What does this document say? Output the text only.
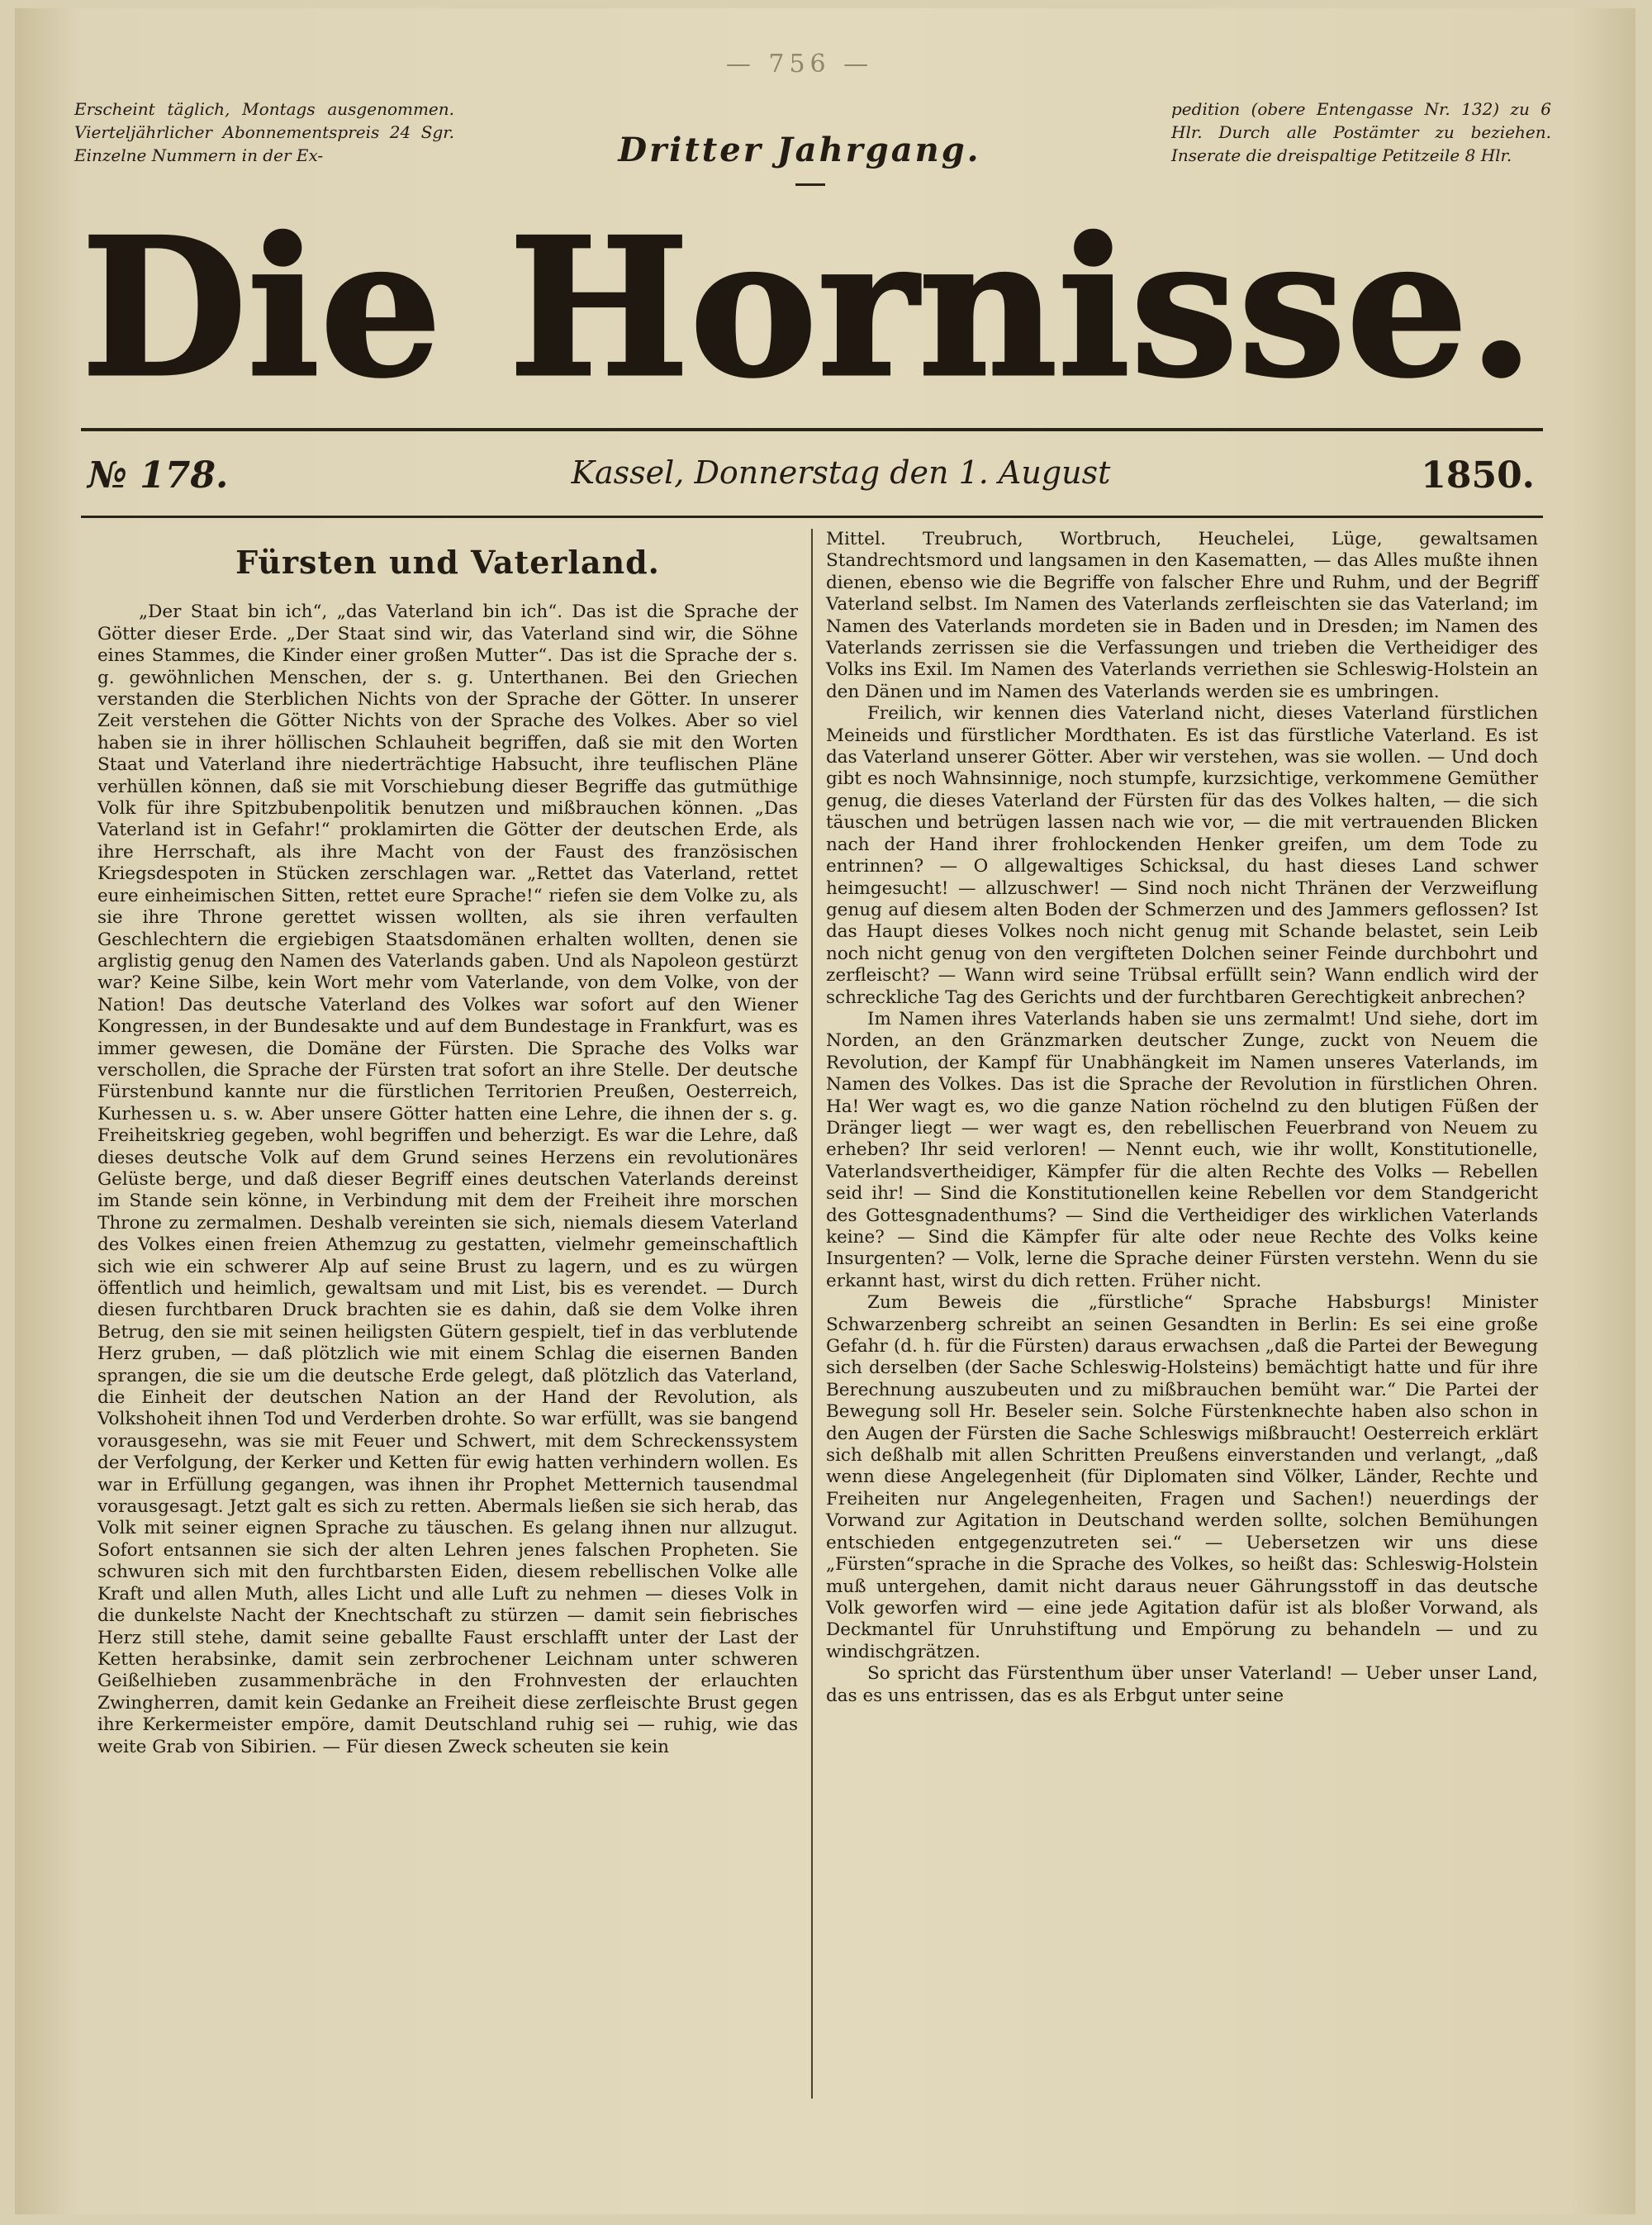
— 756 —
Erscheint täglich, Montags ausgenommen. Vierteljährlicher Abonnementspreis 24 Sgr. Einzelne Nummern in der Ex-
pedition (obere Entengasse Nr. 132) zu 6 Hlr. Durch alle Postämter zu beziehen. Inserate die dreispaltige Petitzeile 8 Hlr.
Dritter Jahrgang.
Die Hornisse.
№ 178.	Kassel, Donnerstag den 1. August	1850.
Fürsten und Vaterland.

„Der Staat bin ich“, „das Vaterland bin ich“. Das ist die Sprache der Götter dieser Erde. „Der Staat sind wir, das Vaterland sind wir, die Söhne eines Stammes, die Kinder einer großen Mutter“. Das ist die Sprache der s. g. gewöhnlichen Menschen, der s. g. Unterthanen. Bei den Griechen verstanden die Sterblichen Nichts von der Sprache der Götter. In unserer Zeit verstehen die Götter Nichts von der Sprache des Volkes. Aber so viel haben sie in ihrer höllischen Schlauheit begriffen, daß sie mit den Worten Staat und Vaterland ihre niederträchtige Habsucht, ihre teuflischen Pläne verhüllen können, daß sie mit Vorschiebung dieser Begriffe das gutmüthige Volk für ihre Spitzbubenpolitik benutzen und mißbrauchen können. „Das Vaterland ist in Gefahr!“ proklamirten die Götter der deutschen Erde, als ihre Herrschaft, als ihre Macht von der Faust des französischen Kriegsdespoten in Stücken zerschlagen war. „Rettet das Vaterland, rettet eure einheimischen Sitten, rettet eure Sprache!“ riefen sie dem Volke zu, als sie ihre Throne gerettet wissen wollten, als sie ihren verfaulten Geschlechtern die ergiebigen Staatsdomänen erhalten wollten, denen sie arglistig genug den Namen des Vaterlands gaben. Und als Napoleon gestürzt war? Keine Silbe, kein Wort mehr vom Vaterlande, von dem Volke, von der Nation! Das deutsche Vaterland des Volkes war sofort auf den Wiener Kongressen, in der Bundesakte und auf dem Bundestage in Frankfurt, was es immer gewesen, die Domäne der Fürsten. Die Sprache des Volks war verschollen, die Sprache der Fürsten trat sofort an ihre Stelle. Der deutsche Fürstenbund kannte nur die fürstlichen Territorien Preußen, Oesterreich, Kurhessen u. s. w. Aber unsere Götter hatten eine Lehre, die ihnen der s. g. Freiheitskrieg gegeben, wohl begriffen und beherzigt. Es war die Lehre, daß dieses deutsche Volk auf dem Grund seines Herzens ein revolutionäres Gelüste berge, und daß dieser Begriff eines deutschen Vaterlands dereinst im Stande sein könne, in Verbindung mit dem der Freiheit ihre morschen Throne zu zermalmen. Deshalb vereinten sie sich, niemals diesem Vaterland des Volkes einen freien Athemzug zu gestatten, vielmehr gemeinschaftlich sich wie ein schwerer Alp auf seine Brust zu lagern, und es zu würgen öffentlich und heimlich, gewaltsam und mit List, bis es verendet. — Durch diesen furchtbaren Druck brachten sie es dahin, daß sie dem Volke ihren Betrug, den sie mit seinen heiligsten Gütern gespielt, tief in das verblutende Herz gruben, — daß plötzlich wie mit einem Schlag die eisernen Banden sprangen, die sie um die deutsche Erde gelegt, daß plötzlich das Vaterland, die Einheit der deutschen Nation an der Hand der Revolution, als Volkshoheit ihnen Tod und Verderben drohte. So war erfüllt, was sie bangend vorausgesehn, was sie mit Feuer und Schwert, mit dem Schreckenssystem der Verfolgung, der Kerker und Ketten für ewig hatten verhindern wollen. Es war in Erfüllung gegangen, was ihnen ihr Prophet Metternich tausendmal vorausgesagt. Jetzt galt es sich zu retten. Abermals ließen sie sich herab, das Volk mit seiner eignen Sprache zu täuschen. Es gelang ihnen nur allzugut. Sofort entsannen sie sich der alten Lehren jenes falschen Propheten. Sie schwuren sich mit den furchtbarsten Eiden, diesem rebellischen Volke alle Kraft und allen Muth, alles Licht und alle Luft zu nehmen — dieses Volk in die dunkelste Nacht der Knechtschaft zu stürzen — damit sein fiebrisches Herz still stehe, damit seine geballte Faust erschlafft unter der Last der Ketten herabsinke, damit sein zerbrochener Leichnam unter schweren Geißelhieben zusammenbräche in den Frohnvesten der erlauchten Zwingherren, damit kein Gedanke an Freiheit diese zerfleischte Brust gegen ihre Kerkermeister empöre, damit Deutschland ruhig sei — ruhig, wie das weite Grab von Sibirien. — Für diesen Zweck scheuten sie kein

Mittel. Treubruch, Wortbruch, Heuchelei, Lüge, gewaltsamen Standrechtsmord und langsamen in den Kasematten, — das Alles mußte ihnen dienen, ebenso wie die Begriffe von falscher Ehre und Ruhm, und der Begriff Vaterland selbst. Im Namen des Vaterlands zerfleischten sie das Vaterland; im Namen des Vaterlands mordeten sie in Baden und in Dresden; im Namen des Vaterlands zerrissen sie die Verfassungen und trieben die Vertheidiger des Volks ins Exil. Im Namen des Vaterlands verriethen sie Schleswig-Holstein an den Dänen und im Namen des Vaterlands werden sie es umbringen.

Freilich, wir kennen dies Vaterland nicht, dieses Vaterland fürstlichen Meineids und fürstlicher Mordthaten. Es ist das fürstliche Vaterland. Es ist das Vaterland unserer Götter. Aber wir verstehen, was sie wollen. — Und doch gibt es noch Wahnsinnige, noch stumpfe, kurzsichtige, verkommene Gemüther genug, die dieses Vaterland der Fürsten für das des Volkes halten, — die sich täuschen und betrügen lassen nach wie vor, — die mit vertrauenden Blicken nach der Hand ihrer frohlockenden Henker greifen, um dem Tode zu entrinnen? — O allgewaltiges Schicksal, du hast dieses Land schwer heimgesucht! — allzuschwer! — Sind noch nicht Thränen der Verzweiflung genug auf diesem alten Boden der Schmerzen und des Jammers geflossen? Ist das Haupt dieses Volkes noch nicht genug mit Schande belastet, sein Leib noch nicht genug von den vergifteten Dolchen seiner Feinde durchbohrt und zerfleischt? — Wann wird seine Trübsal erfüllt sein? Wann endlich wird der schreckliche Tag des Gerichts und der furchtbaren Gerechtigkeit anbrechen?

Im Namen ihres Vaterlands haben sie uns zermalmt! Und siehe, dort im Norden, an den Gränzmarken deutscher Zunge, zuckt von Neuem die Revolution, der Kampf für Unabhängkeit im Namen unseres Vaterlands, im Namen des Volkes. Das ist die Sprache der Revolution in fürstlichen Ohren. Ha! Wer wagt es, wo die ganze Nation röchelnd zu den blutigen Füßen der Dränger liegt — wer wagt es, den rebellischen Feuerbrand von Neuem zu erheben? Ihr seid verloren! — Nennt euch, wie ihr wollt, Konstitutionelle, Vaterlandsvertheidiger, Kämpfer für die alten Rechte des Volks — Rebellen seid ihr! — Sind die Konstitutionellen keine Rebellen vor dem Standgericht des Gottesgnadenthums? — Sind die Vertheidiger des wirklichen Vaterlands keine? — Sind die Kämpfer für alte oder neue Rechte des Volks keine Insurgenten? — Volk, lerne die Sprache deiner Fürsten verstehn. Wenn du sie erkannt hast, wirst du dich retten. Früher nicht.

Zum Beweis die „fürstliche“ Sprache Habsburgs! Minister Schwarzenberg schreibt an seinen Gesandten in Berlin: Es sei eine große Gefahr (d. h. für die Fürsten) daraus erwachsen „daß die Partei der Bewegung sich derselben (der Sache Schleswig-Holsteins) bemächtigt hatte und für ihre Berechnung auszubeuten und zu mißbrauchen bemüht war.“ Die Partei der Bewegung soll Hr. Beseler sein. Solche Fürstenknechte haben also schon in den Augen der Fürsten die Sache Schleswigs mißbraucht! Oesterreich erklärt sich deßhalb mit allen Schritten Preußens einverstanden und verlangt, „daß wenn diese Angelegenheit (für Diplomaten sind Völker, Länder, Rechte und Freiheiten nur Angelegenheiten, Fragen und Sachen!) neuerdings der Vorwand zur Agitation in Deutschand werden sollte, solchen Bemühungen entschieden entgegenzutreten sei.“ — Uebersetzen wir uns diese „Fürsten“sprache in die Sprache des Volkes, so heißt das: Schleswig-Holstein muß untergehen, damit nicht daraus neuer Gährungsstoff in das deutsche Volk geworfen wird — eine jede Agitation dafür ist als bloßer Vorwand, als Deckmantel für Unruhstiftung und Empörung zu behandeln — und zu windischgrätzen.

So spricht das Fürstenthum über unser Vaterland! — Ueber unser Land, das es uns entrissen, das es als Erbgut unter seine
